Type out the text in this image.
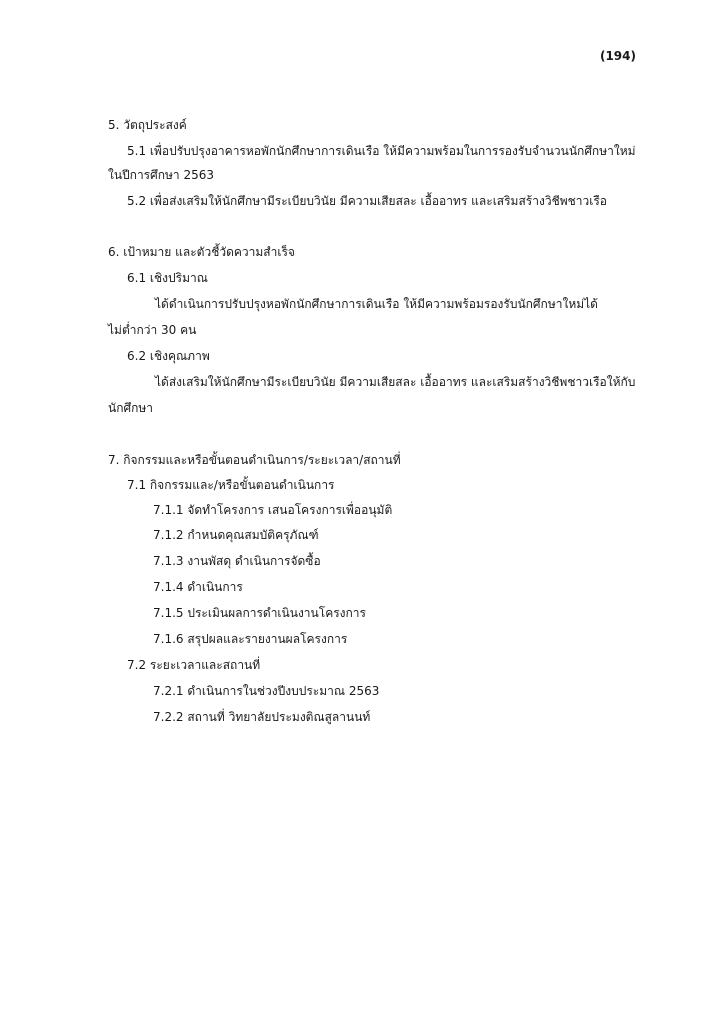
(194)
5. วัตถุประสงค์
5.1 เพื่อปรับปรุงอาคารหอพักนักศึกษาการเดินเรือ ให้มีความพร้อมในการรองรับจำนวนนักศึกษาใหม่
ในปีการศึกษา 2563
5.2 เพื่อส่งเสริมให้นักศึกษามีระเบียบวินัย มีความเสียสละ เอื้ออาทร และเสริมสร้างวิชีพชาวเรือ
6. เป้าหมาย และตัวชี้วัดความสำเร็จ
6.1 เชิงปริมาณ
ได้ดำเนินการปรับปรุงหอพักนักศึกษาการเดินเรือ ให้มีความพร้อมรองรับนักศึกษาใหม่ได้
ไม่ต่ำกว่า 30 คน
6.2 เชิงคุณภาพ
ได้ส่งเสริมให้นักศึกษามีระเบียบวินัย มีความเสียสละ เอื้ออาทร และเสริมสร้างวิชีพชาวเรือให้กับ
นักศึกษา
7. กิจกรรมและหรือขั้นตอนดำเนินการ/ระยะเวลา/สถานที่
7.1 กิจกรรมและ/หรือขั้นตอนดำเนินการ
7.1.1 จัดทำโครงการ เสนอโครงการเพื่ออนุมัติ
7.1.2 กำหนดคุณสมบัติครุภัณฑ์
7.1.3 งานพัสดุ ดำเนินการจัดซื้อ
7.1.4 ดำเนินการ
7.1.5 ประเมินผลการดำเนินงานโครงการ
7.1.6 สรุปผลและรายงานผลโครงการ
7.2 ระยะเวลาและสถานที่
7.2.1 ดำเนินการในช่วงปีงบประมาณ 2563
7.2.2 สถานที่ วิทยาลัยประมงติณสูลานนท์
